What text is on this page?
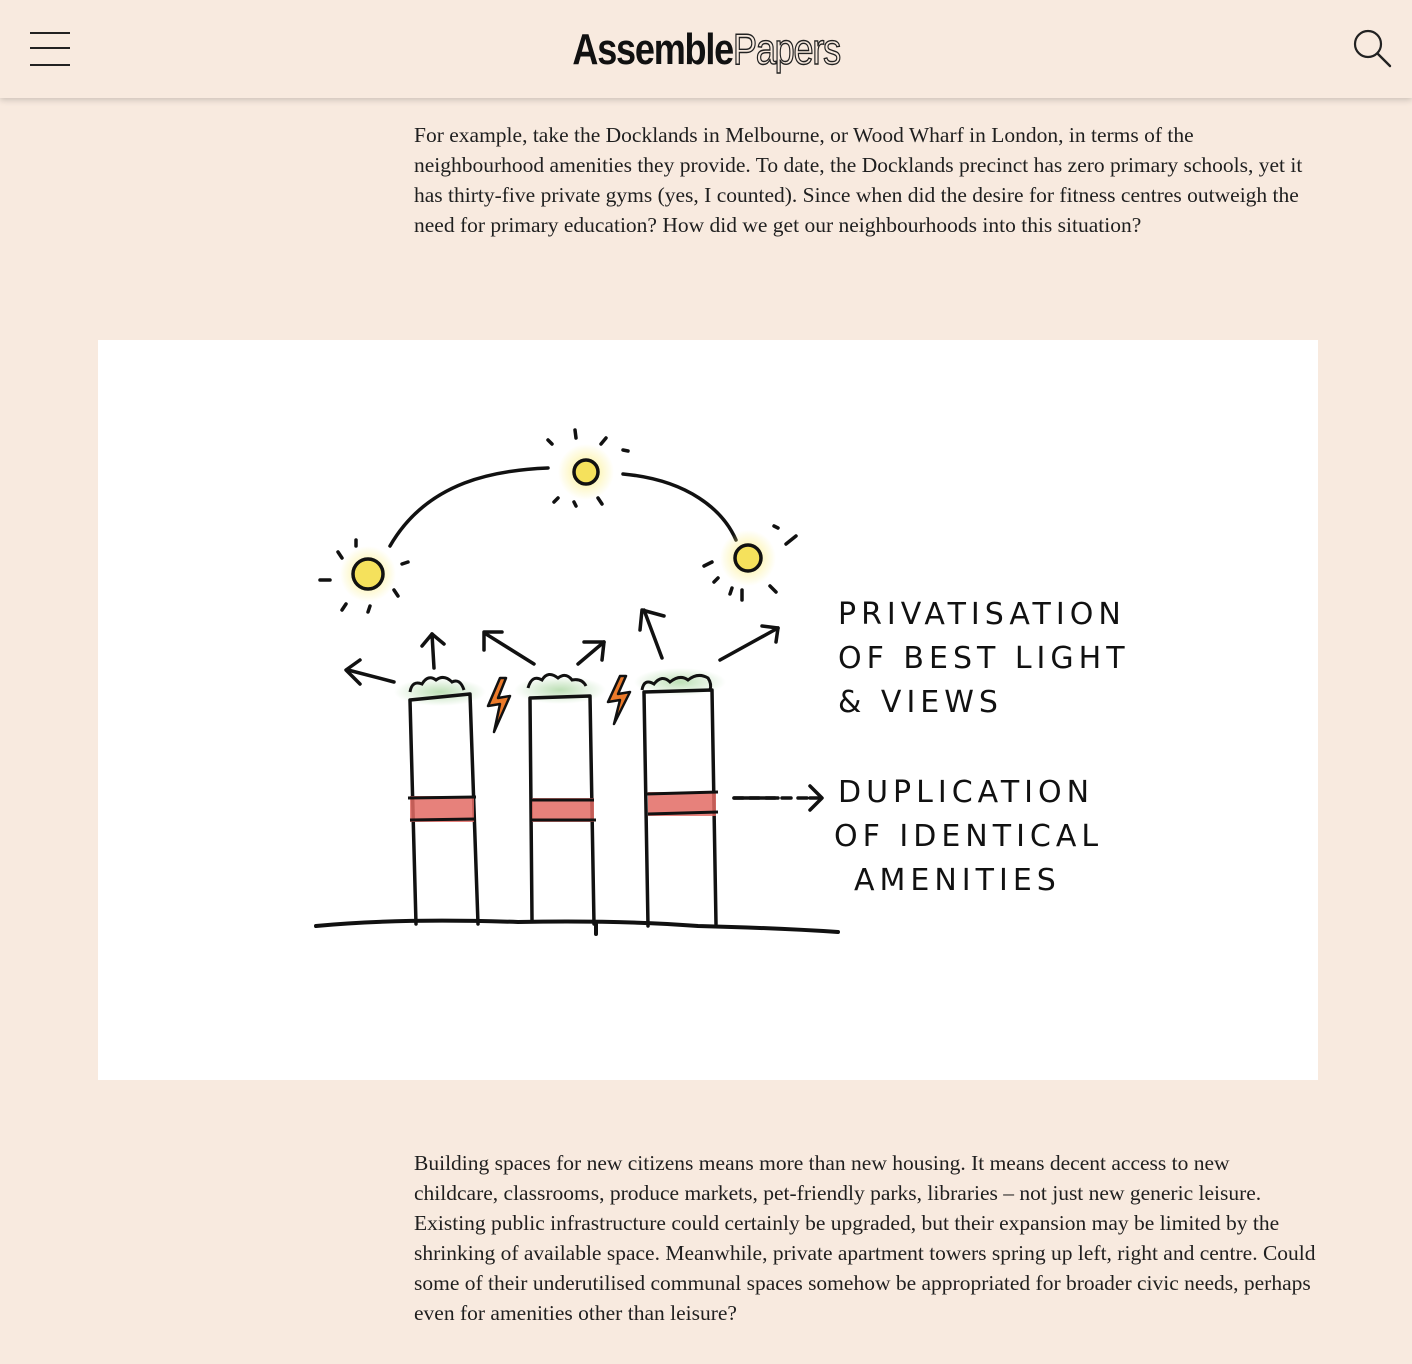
AssemblePapers

For example, take the Docklands in Melbourne, or Wood Wharf in London, in terms of the neighbourhood amenities they provide. To date, the Docklands precinct has zero primary schools, yet it has thirty-five private gyms (yes, I counted). Since when did the desire for fitness centres outweigh the need for primary education? How did we get our neighbourhoods into this situation?

PRIVATISATION
OF BEST LIGHT
& VIEWS
DUPLICATION
OF IDENTICAL
AMENITIES

Building spaces for new citizens means more than new housing. It means decent access to new childcare, classrooms, produce markets, pet-friendly parks, libraries – not just new generic leisure. Existing public infrastructure could certainly be upgraded, but their expansion may be limited by the shrinking of available space. Meanwhile, private apartment towers spring up left, right and centre. Could some of their underutilised communal spaces somehow be appropriated for broader civic needs, perhaps even for amenities other than leisure?
